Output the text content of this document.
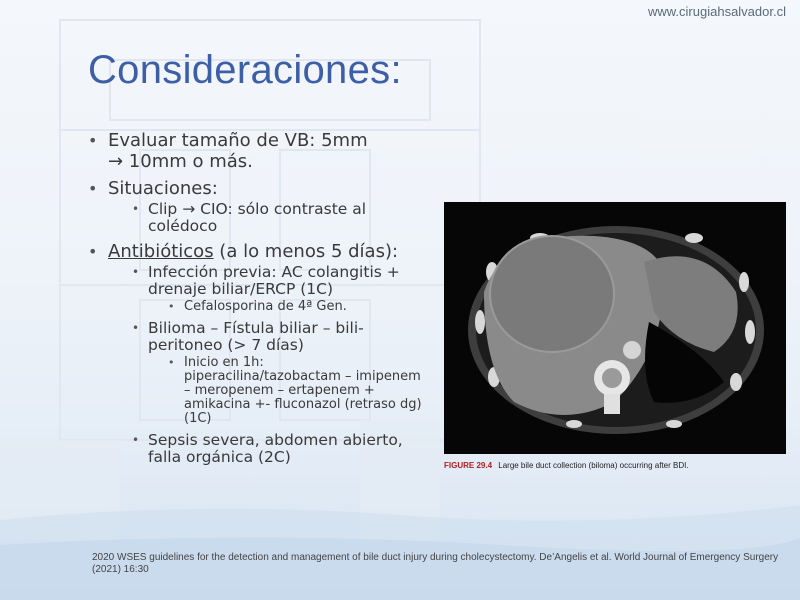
www.cirugiahsalvador.cl
Consideraciones:
• Evaluar tamaño de VB: 5mm
→ 10mm o más.
• Situaciones:
• Clip → CIO: sólo contraste al colédoco
• Antibióticos (a lo menos 5 días):
• Infección previa: AC colangitis + drenaje biliar/ERCP (1C)
• Cefalosporina de 4ª Gen.
• Bilioma – Fístula biliar – bili-peritoneo (> 7 días)
• Inicio en 1h: piperacilina/tazobactam – imipenem – meropenem – ertapenem + amikacina +- fluconazol (retraso dg) (1C)
• Sepsis severa, abdomen abierto, falla orgánica (2C)	FIGURE 29.4 Large bile duct collection (biloma) occurring after BDI.
2020 WSES guidelines for the detection and management of bile duct injury during cholecystectomy. De’Angelis et al. World Journal of Emergency Surgery (2021) 16:30
